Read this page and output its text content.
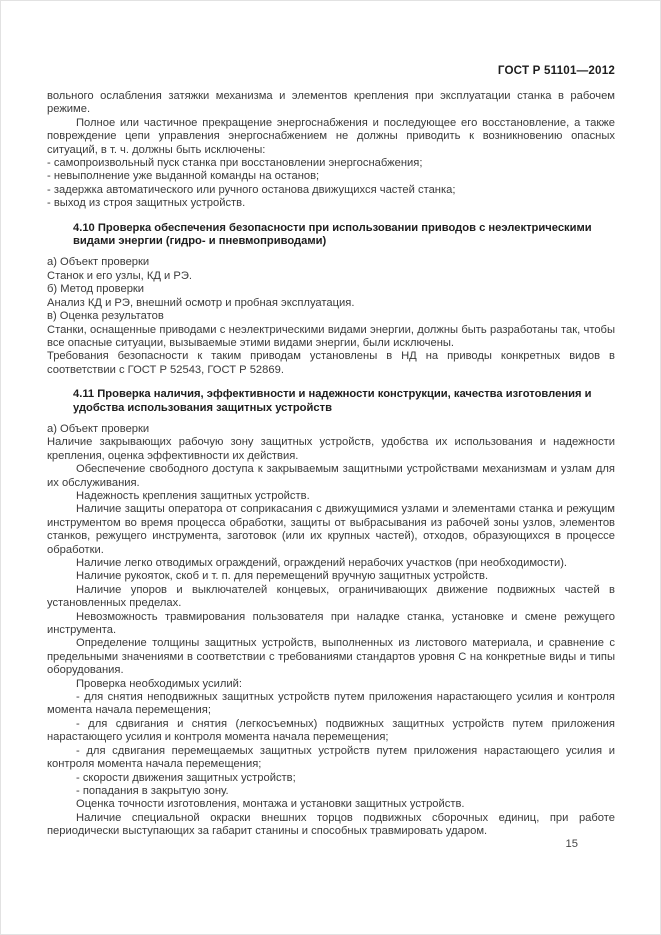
ГОСТ Р 51101—2012

вольного ослабления затяжки механизма и элементов крепления при эксплуатации станка в рабочем режиме.

Полное или частичное прекращение энергоснабжения и последующее его восстановление, а также повреждение цепи управления энергоснабжением не должны приводить к возникновению опасных ситуаций, в т. ч. должны быть исключены:

- самопроизвольный пуск станка при восстановлении энергоснабжения;

- невыполнение уже выданной команды на останов;

- задержка автоматического или ручного останова движущихся частей станка;

- выход из строя защитных устройств.

4.10 Проверка обеспечения безопасности при использовании приводов с неэлектрическими видами энергии (гидро- и пневмоприводами)

а) Объект проверки

Станок и его узлы, КД и РЭ.

б) Метод проверки

Анализ КД и РЭ, внешний осмотр и пробная эксплуатация.

в) Оценка результатов

Станки, оснащенные приводами с неэлектрическими видами энергии, должны быть разработаны так, чтобы все опасные ситуации, вызываемые этими видами энергии, были исключены.

Требования безопасности к таким приводам установлены в НД на приводы конкретных видов в соответствии с ГОСТ Р 52543, ГОСТ Р 52869.

4.11 Проверка наличия, эффективности и надежности конструкции, качества изготовления и удобства использования защитных устройств

а) Объект проверки

Наличие закрывающих рабочую зону защитных устройств, удобства их использования и надежности крепления, оценка эффективности их действия.

Обеспечение свободного доступа к закрываемым защитными устройствами механизмам и узлам для их обслуживания.

Надежность крепления защитных устройств.

Наличие защиты оператора от соприкасания с движущимися узлами и элементами станка и режущим инструментом во время процесса обработки, защиты от выбрасывания из рабочей зоны узлов, элементов станков, режущего инструмента, заготовок (или их крупных частей), отходов, образующихся в процессе обработки.

Наличие легко отводимых ограждений, ограждений нерабочих участков (при необходимости).

Наличие рукояток, скоб и т. п. для перемещений вручную защитных устройств.

Наличие упоров и выключателей концевых, ограничивающих движение подвижных частей в установленных пределах.

Невозможность травмирования пользователя при наладке станка, установке и смене режущего инструмента.

Определение толщины защитных устройств, выполненных из листового материала, и сравнение с предельными значениями в соответствии с требованиями стандартов уровня С на конкретные виды и типы оборудования.

Проверка необходимых усилий:

- для снятия неподвижных защитных устройств путем приложения нарастающего усилия и контроля момента начала перемещения;

- для сдвигания и снятия (легкосъемных) подвижных защитных устройств путем приложения нарастающего усилия и контроля момента начала перемещения;

- для сдвигания перемещаемых защитных устройств путем приложения нарастающего усилия и контроля момента начала перемещения;

- скорости движения защитных устройств;

- попадания в закрытую зону.

Оценка точности изготовления, монтажа и установки защитных устройств.

Наличие специальной окраски внешних торцов подвижных сборочных единиц, при работе периодически выступающих за габарит станины и способных травмировать ударом.

15
